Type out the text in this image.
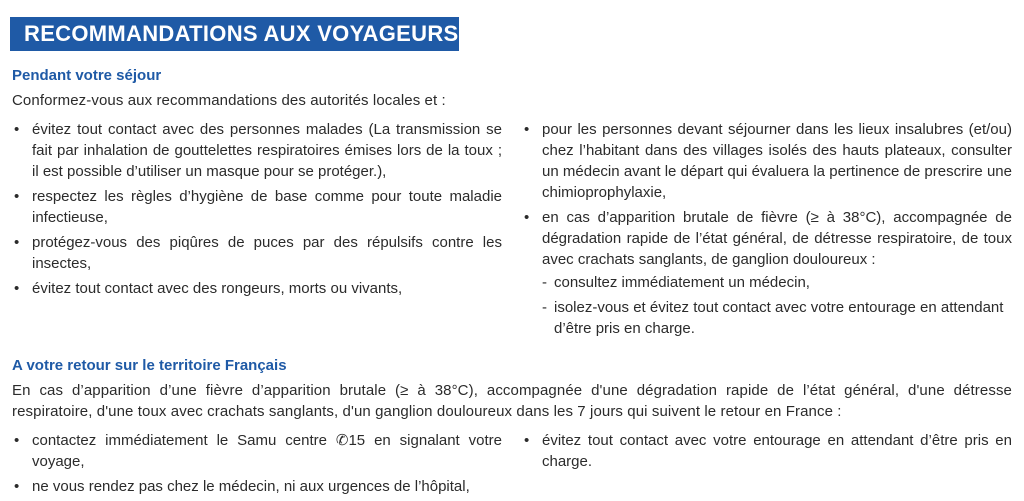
RECOMMANDATIONS AUX VOYAGEURS
Pendant votre séjour
Conformez-vous aux recommandations des autorités locales et :
• évitez tout contact avec des personnes malades (La transmission se fait par inhalation de gouttelettes respiratoires émises lors de la toux ; il est possible d’utiliser un masque pour se protéger.),
• respectez les règles d’hygiène de base comme pour toute maladie infectieuse,
• protégez-vous des piqûres de puces par des répulsifs contre les insectes,
• évitez tout contact avec des rongeurs, morts ou vivants,
• pour les personnes devant séjourner dans les lieux insalubres (et/ou) chez l’habitant dans des villages isolés des hauts plateaux, consulter un médecin avant le départ qui évaluera la pertinence de prescrire une chimioprophylaxie,
• en cas d’apparition brutale de fièvre (≥ à 38°C), accompagnée de dégradation rapide de l’état général, de détresse respiratoire, de toux avec crachats sanglants, de ganglion douloureux :
- consultez immédiatement un médecin,
- isolez-vous et évitez tout contact avec votre entourage en attendant d’être pris en charge.
A votre retour sur le territoire Français
En cas d’apparition d’une fièvre d’apparition brutale (≥ à 38°C), accompagnée d'une dégradation rapide de l’état général, d'une détresse respiratoire, d'une toux avec crachats sanglants, d'un ganglion douloureux dans les 7 jours qui suivent le retour en France :
• contactez immédiatement le Samu centre ✆15 en signalant votre voyage,
• ne vous rendez pas chez le médecin, ni aux urgences de l’hôpital,
• évitez tout contact avec votre entourage en attendant d’être pris en charge.
